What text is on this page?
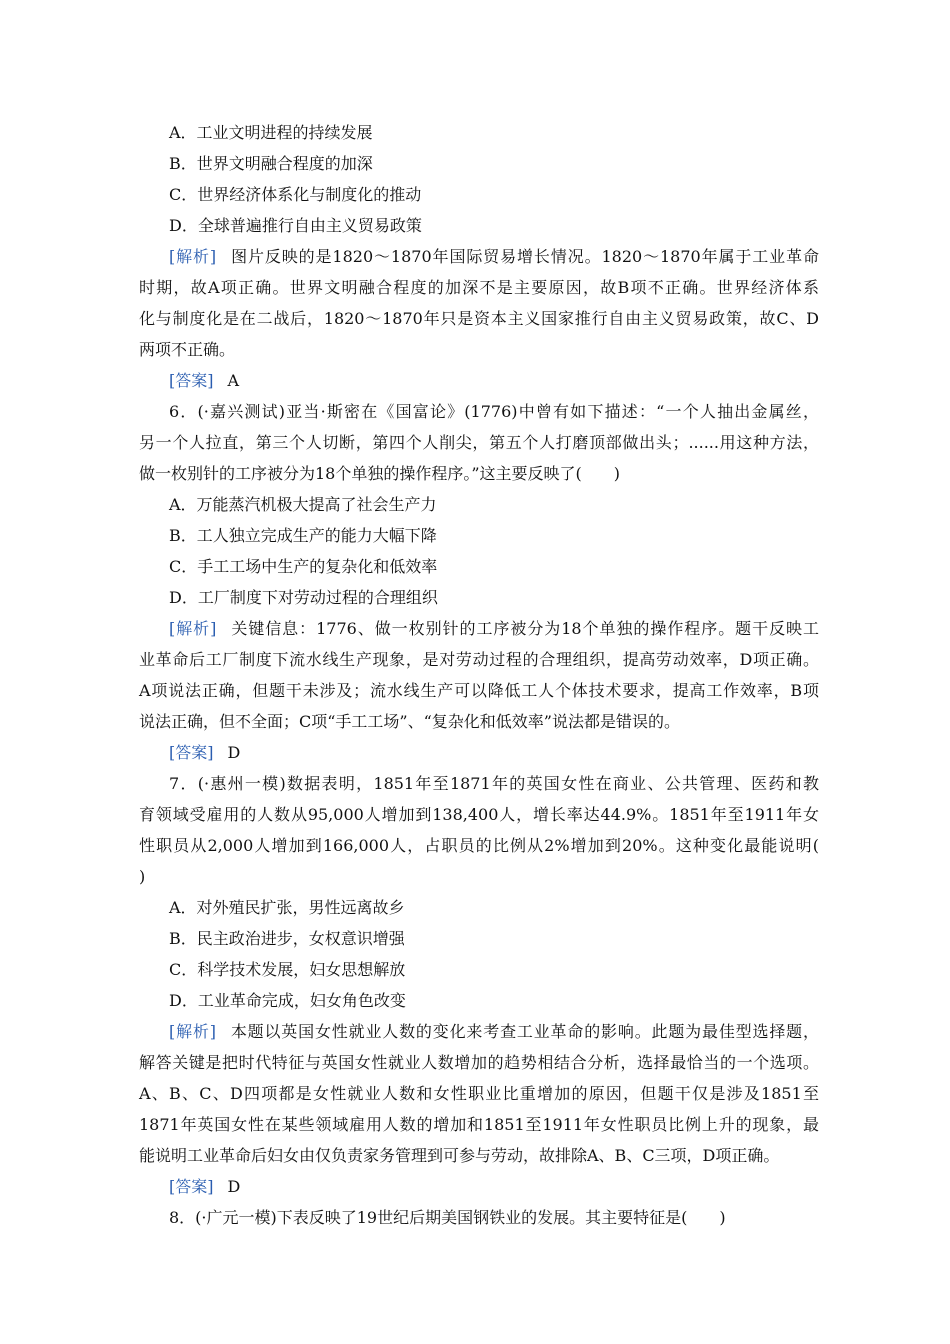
A．工业文明进程的持续发展
B．世界文明融合程度的加深
C．世界经济体系化与制度化的推动
D．全球普遍推行自由主义贸易政策
[解析] 图片反映的是1820～1870年国际贸易增长情况。1820～1870年属于工业革命
时期，故A项正确。世界文明融合程度的加深不是主要原因，故B项不正确。世界经济体系
化与制度化是在二战后，1820～1870年只是资本主义国家推行自由主义贸易政策，故C、D
两项不正确。
[答案] A
6．(·嘉兴测试)亚当·斯密在《国富论》(1776)中曾有如下描述：“一个人抽出金属丝，
另一个人拉直，第三个人切断，第四个人削尖，第五个人打磨顶部做出头；......用这种方法，
做一枚别针的工序被分为18个单独的操作程序。”这主要反映了(　　)
A．万能蒸汽机极大提高了社会生产力
B．工人独立完成生产的能力大幅下降
C．手工工场中生产的复杂化和低效率
D．工厂制度下对劳动过程的合理组织
[解析] 关键信息：1776、做一枚别针的工序被分为18个单独的操作程序。题干反映工
业革命后工厂制度下流水线生产现象，是对劳动过程的合理组织，提高劳动效率，D项正确。
A项说法正确，但题干未涉及；流水线生产可以降低工人个体技术要求，提高工作效率，B项
说法正确，但不全面；C项“手工工场”、“复杂化和低效率”说法都是错误的。
[答案] D
7．(·惠州一模)数据表明，1851年至1871年的英国女性在商业、公共管理、医药和教
育领域受雇用的人数从95,000人增加到138,400人，增长率达44.9%。1851年至1911年女
性职员从2,000人增加到166,000人，占职员的比例从2%增加到20%。这种变化最能说明(
)
A．对外殖民扩张，男性远离故乡
B．民主政治进步，女权意识增强
C．科学技术发展，妇女思想解放
D．工业革命完成，妇女角色改变
[解析] 本题以英国女性就业人数的变化来考查工业革命的影响。此题为最佳型选择题，
解答关键是把时代特征与英国女性就业人数增加的趋势相结合分析，选择最恰当的一个选项。
A、B、C、D四项都是女性就业人数和女性职业比重增加的原因，但题干仅是涉及1851至
1871年英国女性在某些领域雇用人数的增加和1851至1911年女性职员比例上升的现象，最
能说明工业革命后妇女由仅负责家务管理到可参与劳动，故排除A、B、C三项，D项正确。
[答案] D
8．(·广元一模)下表反映了19世纪后期美国钢铁业的发展。其主要特征是(　　)
